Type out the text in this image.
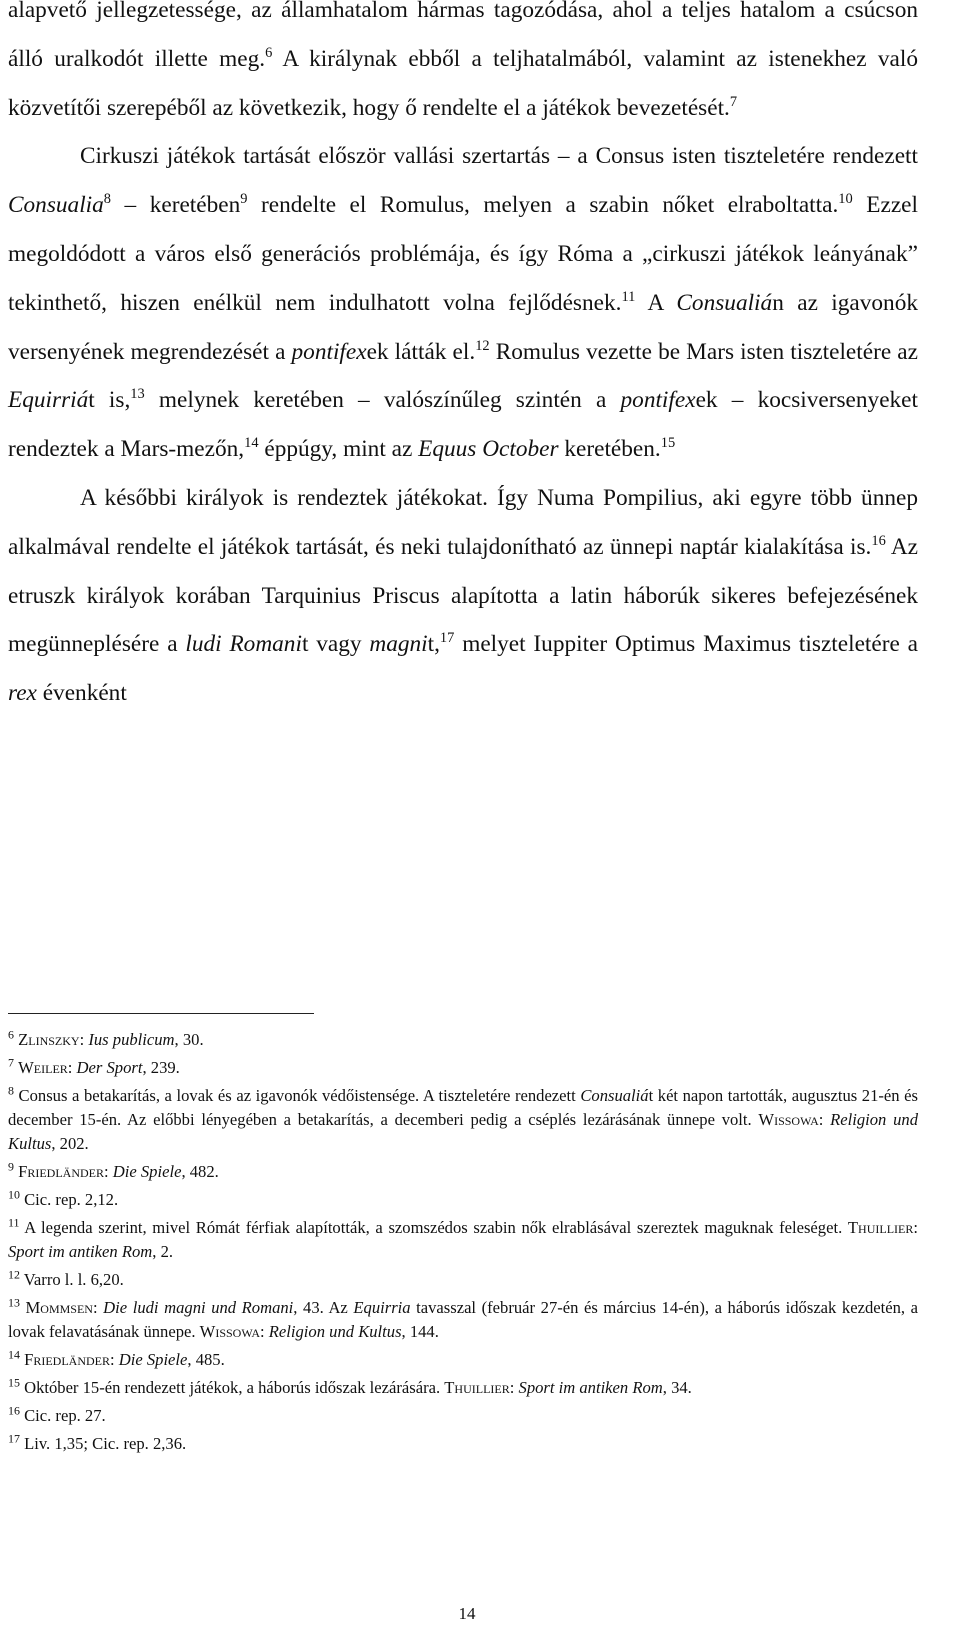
alapvető jellegzetessége, az államhatalom hármas tagozódása, ahol a teljes hatalom a csúcson álló uralkodót illette meg.$^6$ A királynak ebből a teljhatalmából, valamint az istenekhez való közvetítői szerepéből az következik, hogy ő rendelte el a játékok bevezetését.$^7$

Cirkuszi játékok tartását először vallási szertartás – a Consus isten tiszteletére rendezett Consualia$^8$ – keretében$^9$ rendelte el Romulus, melyen a szabin nőket elraboltatta.$^{10}$ Ezzel megoldódott a város első generációs problémája, és így Róma a „cirkuszi játékok leányának” tekinthető, hiszen enélkül nem indulhatott volna fejlődésnek.$^{11}$ A Consualián az igavonók versenyének megrendezését a pontifexek látták el.$^{12}$ Romulus vezette be Mars isten tiszteletére az Equirriát is,$^{13}$ melynek keretében – valószínűleg szintén a pontifexek – kocsiversenyeket rendeztek a Mars-mezőn,$^{14}$ éppúgy, mint az Equus October keretében.$^{15}$

A későbbi királyok is rendeztek játékokat. Így Numa Pompilius, aki egyre több ünnep alkalmával rendelte el játékok tartását, és neki tulajdonítható az ünnepi naptár kialakítása is.$^{16}$ Az etruszk királyok korában Tarquinius Priscus alapította a latin háborúk sikeres befejezésének megünneplésére a ludi Romanit vagy magnit,$^{17}$ melyet Iuppiter Optimus Maximus tiszteletére a rex évenként

$^6$ Zlinszky: Ius publicum, 30.

$^7$ Weiler: Der Sport, 239.

$^8$ Consus a betakarítás, a lovak és az igavonók védőistensége. A tiszteletére rendezett Consualiát két napon tartották, augusztus 21-én és december 15-én. Az előbbi lényegében a betakarítás, a decemberi pedig a cséplés lezárásának ünnepe volt. Wissowa: Religion und Kultus, 202.

$^9$ Friedländer: Die Spiele, 482.

$^{10}$ Cic. rep. 2,12.

$^{11}$ A legenda szerint, mivel Rómát férfiak alapították, a szomszédos szabin nők elrablásával szereztek maguknak feleséget. Thuillier: Sport im antiken Rom, 2.

$^{12}$ Varro l. l. 6,20.

$^{13}$ Mommsen: Die ludi magni und Romani, 43. Az Equirria tavasszal (február 27-én és március 14-én), a háborús időszak kezdetén, a lovak felavatásának ünnepe. Wissowa: Religion und Kultus, 144.

$^{14}$ Friedländer: Die Spiele, 485.

$^{15}$ Október 15-én rendezett játékok, a háborús időszak lezárására. Thuillier: Sport im antiken Rom, 34.

$^{16}$ Cic. rep. 27.

$^{17}$ Liv. 1,35; Cic. rep. 2,36.

14
